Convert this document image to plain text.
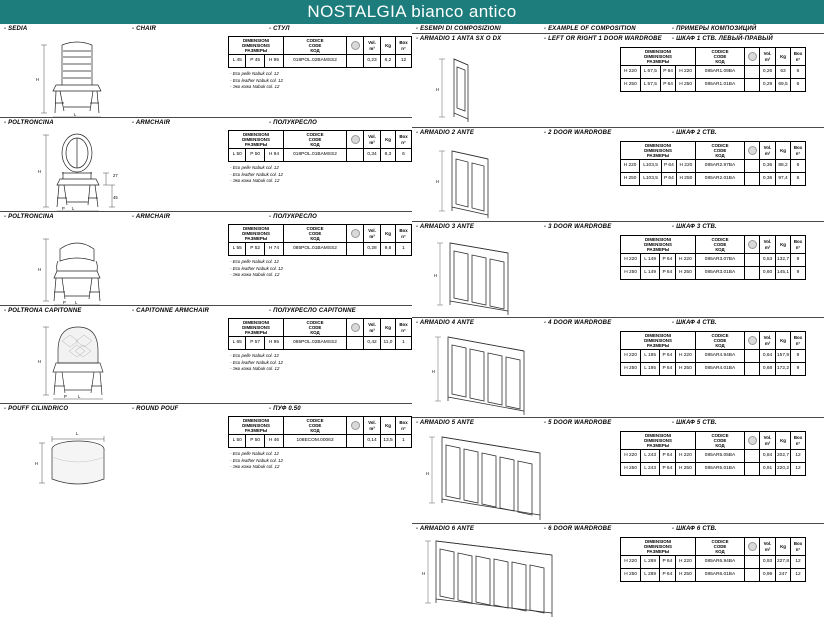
NOSTALGIA bianco antico
- SEDIA	- CHAIR	- СТУЛ
H
L
DIMENSIONI
DIMENSIONS
РАЗМЕРЫ

CODICE
CODE
КОД

Vol.
m³
	Kg	
Box
n°

L 45	P 45	H 95	018POL.02BAMSS2		0,23	6,2	12
- Eco pelle Nabuk col. 12
- Eco leather Nabuk col. 12
- Эко кожа Nabuk col. 12
- POLTRONCINA	- ARMCHAIR	- ПОЛУКРЕСЛО
H
L
P
27
45
DIMENSIONI
DIMENSIONS
РАЗМЕРЫ

CODICE
CODE
КОД

Vol.
m³
	Kg	
Box
n°

L 50	P 50	H 94	018POL.01BAMSS2		0,34	8,3	6
- Eco pelle Nabuk col. 12
- Eco leather Nabuk col. 12
- Эко кожа Nabuk col. 12
- POLTRONCINA	- ARMCHAIR	- ПОЛУКРЕСЛО
H
L
P
DIMENSIONI
DIMENSIONS
РАЗМЕРЫ

CODICE
CODE
КОД

Vol.
m³
	Kg	
Box
n°

L 55	P 52	H 74	085POL.01BAMSS2		0,28	9,6	1
- Eco pelle Nabuk col. 12
- Eco leather Nabuk col. 12
- Эко кожа Nabuk col. 12
- POLTRONA CAPITONNE	- CAPITONNE ARMCHAIR	- ПОЛУКРЕСЛО CAPITONNE
H
L
P
DIMENSIONI
DIMENSIONS
РАЗМЕРЫ

CODICE
CODE
КОД

Vol.
m³
	Kg	
Box
n°

L 65	P 57	H 95	085POL.02BAMSS2		0,42	11,0	1
- Eco pelle Nabuk col. 12
- Eco leather Nabuk col. 12
- Эко кожа Nabuk col. 12
- POUFF CILINDRICO	- ROUND POUF	- ПУФ 0.50
H
L
DIMENSIONI
DIMENSIONS
РАЗМЕРЫ

CODICE
CODE
КОД

Vol.
m³
	Kg	
Box
n°

L 50	P 50	H 46	108ECOM.00063		0,14	13,5	1
- Eco pelle Nabuk col. 12
- Eco leather Nabuk col. 12
- Эко кожа Nabuk col. 12
- ESEMPI DI COMPOSIZIONI	- EXAMPLE OF COMPOSITION	- ПРИМЕРЫ КОМПОЗИЦИЙ
- ARMADIO 1 ANTA SX O DX	- LEFT OR RIGHT 1 DOOR WARDROBE	- ШКАФ 1 СТВ. ЛЕВЫЙ-ПРАВЫЙ
H
DIMENSIONI
DIMENSIONS
РАЗМЕРЫ

CODICE
CODE
КОД

Vol.
m³
	Kg	
Box
n°

H 220	L 67,5	P 64	H 220	085AR1.09BA		0,26	63	6
H 250	L 57,5	P 64	H 250	085AR1.01BA		0,29	69,5	6
- ARMADIO 2 ANTE	- 2 DOOR WARDROBE	- ШКАФ 2 СТВ.
H
DIMENSIONI
DIMENSIONS
РАЗМЕРЫ

CODICE
CODE
КОД

Vol.
m³
	Kg	
Box
n°

H 220	L103,5	P 64	H 220	085AR2.97BA		0,36	88,2	6
H 250	L103,5	P 64	H 250	085AR2.01BA		0,36	97,4	6
- ARMADIO 3 ANTE	- 3 DOOR WARDROBE	- ШКАФ 3 СТВ.
H
DIMENSIONI
DIMENSIONS
РАЗМЕРЫ

CODICE
CODE
КОД

Vol.
m³
	Kg	
Box
n°

H 220	L 149	P 64	H 220	085AR3.07BA		0,53	132,7	9
H 250	L 149	P 64	H 250	085AR3.01BA		0,60	145,1	9
- ARMADIO 4 ANTE	- 4 DOOR WARDROBE	- ШКАФ 4 СТВ.
H
DIMENSIONI
DIMENSIONS
РАЗМЕРЫ

CODICE
CODE
КОД

Vol.
m³
	Kg	
Box
n°

H 220	L 195	P 64	H 220	085AR4.94BA		0,64	157,9	9
H 250	L 195	P 64	H 250	085AR4.01BA		0,68	172,2	9
- ARMADIO 5 ANTE	- 5 DOOR WARDROBE	- ШКАФ 5 СТВ.
H
DIMENSIONI
DIMENSIONS
РАЗМЕРЫ

CODICE
CODE
КОД

Vol.
m³
	Kg	
Box
n°

H 220	L 243	P 64	H 220	085AR5.05BA		0,84	202,7	12
H 250	L 243	P 64	H 250	085AR5.01BA		0,91	220,2	12
- ARMADIO 6 ANTE	- 6 DOOR WARDROBE	- ШКАФ 6 СТВ.
H
DIMENSIONI
DIMENSIONS
РАЗМЕРЫ

CODICE
CODE
КОД

Vol.
m³
	Kg	
Box
n°

H 220	L 289	P 64	H 220	085AR6.94BA		0,93	227,8	12
H 250	L 289	P 64	H 250	085AR6.01BA		0,99	247	12
